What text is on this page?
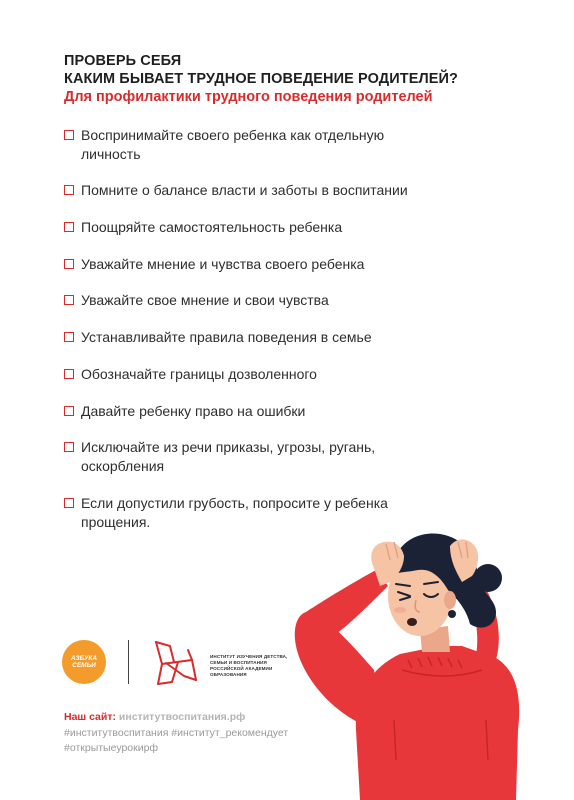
ПРОВЕРЬ СЕБЯ
КАКИМ БЫВАЕТ ТРУДНОЕ ПОВЕДЕНИЕ РОДИТЕЛЕЙ?
Для профилактики трудного поведения родителей
Воспринимайте своего ребенка как отдельную
личность
Помните о балансе власти и заботы в воспитании
Поощряйте самостоятельность ребенка
Уважайте мнение и чувства своего ребенка
Уважайте свое мнение и свои чувства
Устанавливайте правила поведения в семье
Обозначайте границы дозволенного
Давайте ребенку право на ошибки
Исключайте из речи приказы, угрозы, ругань,
оскорбления
Если допустили грубость, попросите у ребенка
прощения.
АЗБУКА
СЕМЬИ
ИНСТИТУТ ИЗУЧЕНИЯ ДЕТСТВА,
СЕМЬИ И ВОСПИТАНИЯ
РОССИЙСКОЙ АКАДЕМИИ
ОБРАЗОВАНИЯ
Наш сайт: институтвоспитания.рф
#институтвоспитания #институт_рекомендует
#открытыеурокирф
